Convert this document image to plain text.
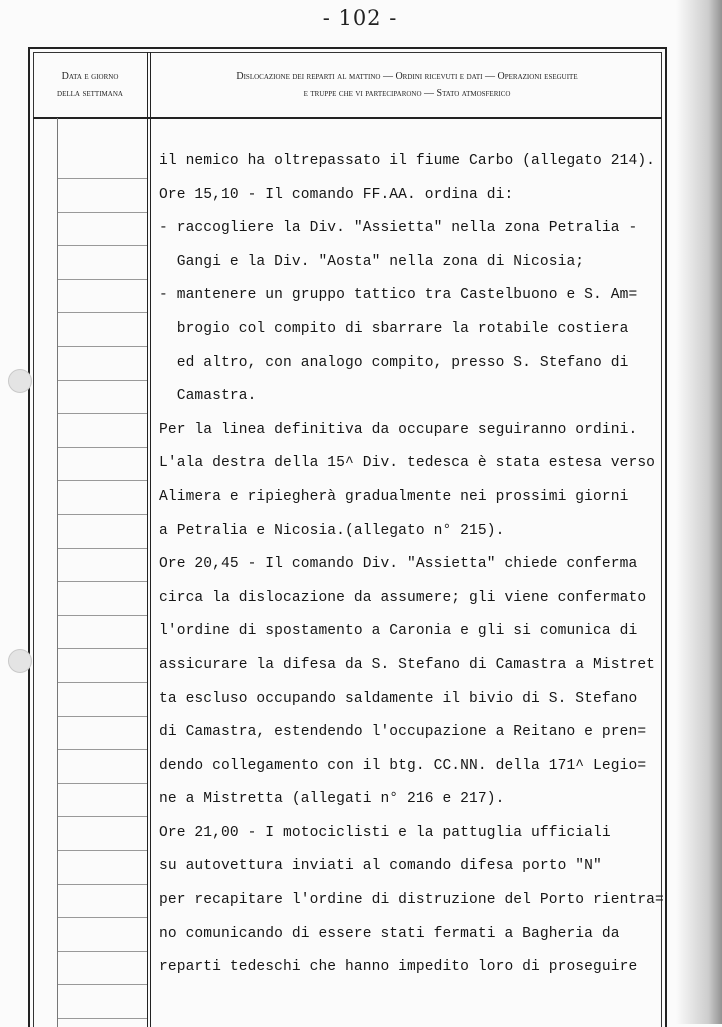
- 102 -
Data e giorno
della settimana
Dislocazione dei reparti al mattino — Ordini ricevuti e dati — Operazioni eseguite
e truppe che vi parteciparono — Stato atmosferico
il nemico ha oltrepassato il fiume Carbo (allegato 214).
Ore 15,10 - Il comando FF.AA. ordina di:
- raccogliere la Div. "Assietta" nella zona Petralia -
Gangi e la Div. "Aosta" nella zona di Nicosia;
- mantenere un gruppo tattico tra Castelbuono e S. Am=
brogio col compito di sbarrare la rotabile costiera
ed altro, con analogo compito, presso S. Stefano di
Camastra.
Per la linea definitiva da occupare seguiranno ordini.
L'ala destra della 15^ Div. tedesca è stata estesa verso
Alimera e ripiegherà gradualmente nei prossimi giorni
a Petralia e Nicosia.(allegato n° 215).
Ore 20,45 - Il comando Div. "Assietta" chiede conferma
circa la dislocazione da assumere; gli viene confermato
l'ordine di spostamento a Caronia e gli si comunica di
assicurare la difesa da S. Stefano di Camastra a Mistret
ta escluso occupando saldamente il bivio di S. Stefano
di Camastra, estendendo l'occupazione a Reitano e pren=
dendo collegamento con il btg. CC.NN. della 171^ Legio=
ne a Mistretta (allegati n° 216 e 217).
Ore 21,00 - I motociclisti e la pattuglia ufficiali
su autovettura inviati al comando difesa porto "N"
per recapitare l'ordine di distruzione del Porto rientra=
no comunicando di essere stati fermati a Bagheria da
reparti tedeschi che hanno impedito loro di proseguire
